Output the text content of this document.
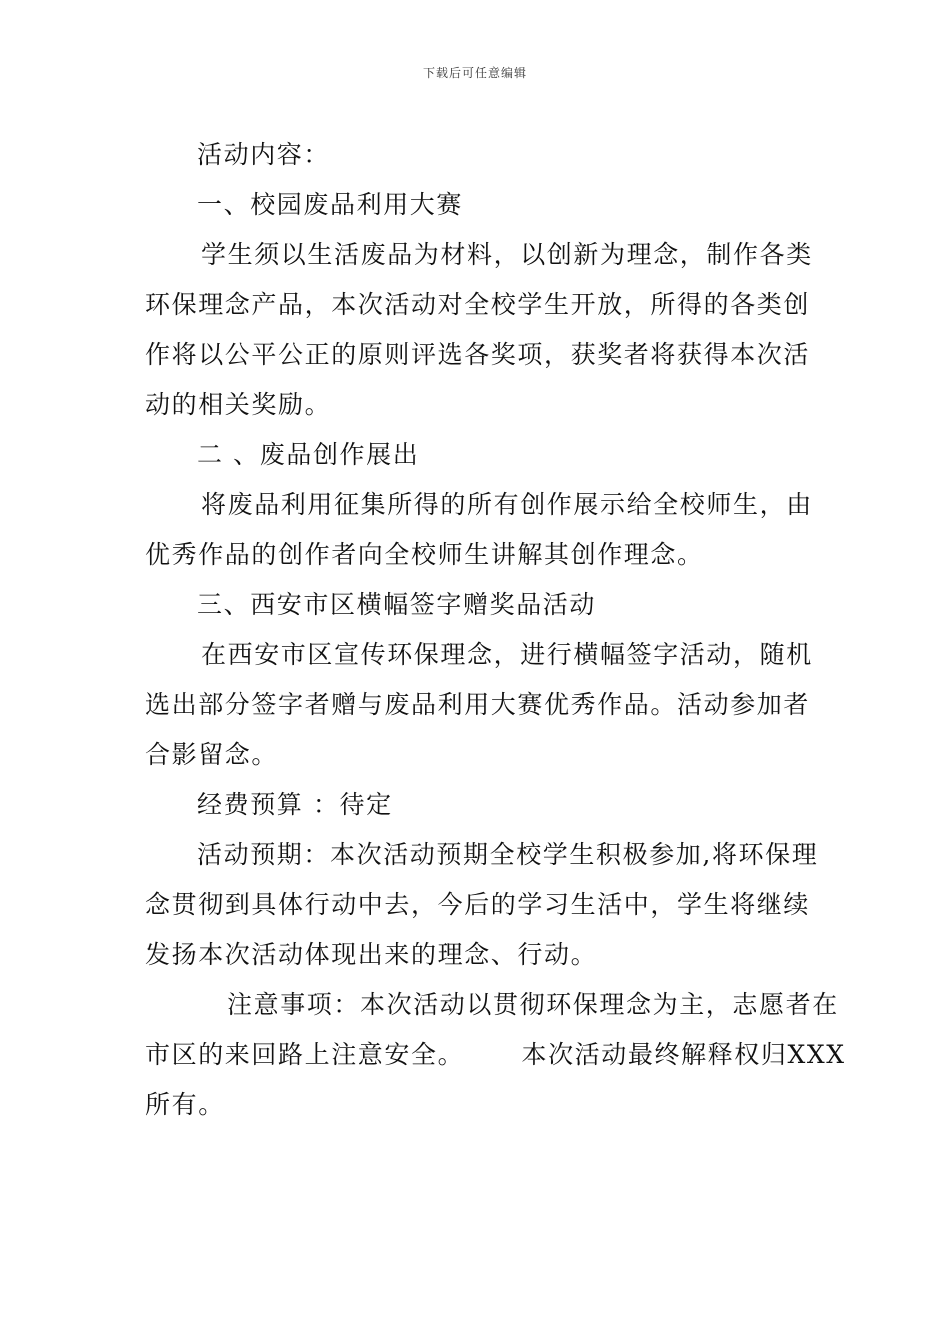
下载后可任意编辑
活动内容：
一、校园废品利用大赛
学生须以生活废品为材料，以创新为理念，制作各类
环保理念产品，本次活动对全校学生开放，所得的各类创
作将以公平公正的原则评选各奖项，获奖者将获得本次活
动的相关奖励。
二 、废品创作展出
将废品利用征集所得的所有创作展示给全校师生，由
优秀作品的创作者向全校师生讲解其创作理念。
三、西安市区横幅签字赠奖品活动
在西安市区宣传环保理念，进行横幅签字活动，随机
选出部分签字者赠与废品利用大赛优秀作品。活动参加者
合影留念。
经费预算 ：待定
活动预期：本次活动预期全校学生积极参加,将环保理
念贯彻到具体行动中去，今后的学习生活中，学生将继续
发扬本次活动体现出来的理念、行动。
注意事项：本次活动以贯彻环保理念为主，志愿者在
市区的来回路上注意安全。      本次活动最终解释权归XXX
所有。
